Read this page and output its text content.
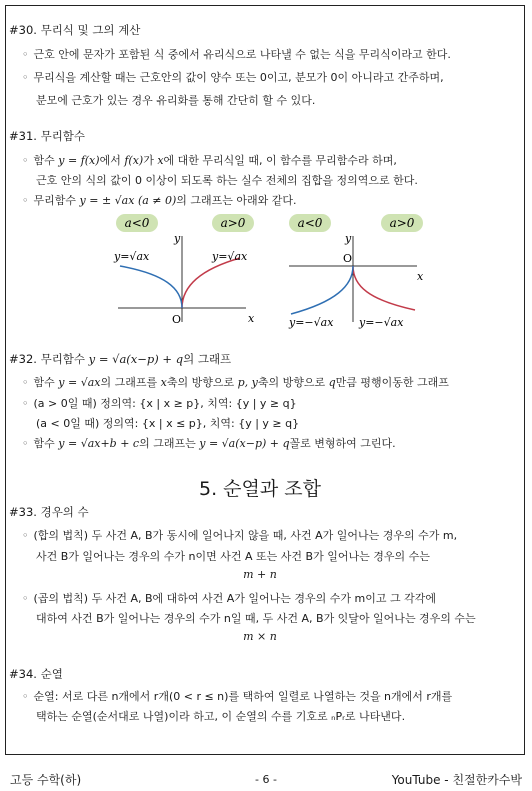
#30. 무리식 및 그의 계산
◦ 근호 안에 문자가 포함된 식 중에서 유리식으로 나타낼 수 없는 식을 무리식이라고 한다.
◦ 무리식을 계산할 때는 근호안의 값이 양수 또는 0이고, 분모가 0이 아니라고 간주하며,
분모에 근호가 있는 경우 유리화를 통해 간단히 할 수 있다.
#31. 무리함수
◦ 함수 y = f(x)에서 f(x)가 x에 대한 무리식일 때, 이 함수를 무리함수라 하며,
근호 안의 식의 값이 0 이상이 되도록 하는 실수 전체의 집합을 정의역으로 한다.
◦ 무리함수 y = ± √ax (a ≠ 0)의 그래프는 아래와 같다.
a<0	a>0
x
y
O
y=√ax	y=√ax
a<0	a>0
x
y
O
y=−√ax y=−√ax
#32. 무리함수 y = √a(x−p) + q의 그래프
◦ 함수 y = √ax의 그래프를 x축의 방향으로 p, y축의 방향으로 q만큼 평행이동한 그래프
◦ (a > 0일 때) 정의역: {x | x ≥ p}, 치역: {y | y ≥ q}
(a < 0일 때) 정의역: {x | x ≤ p}, 치역: {y | y ≥ q}
◦ 함수 y = √ax+b + c의 그래프는 y = √a(x−p) + q꼴로 변형하여 그린다.
5. 순열과 조합
#33. 경우의 수
◦ (합의 법칙) 두 사건 A, B가 동시에 일어나지 않을 때, 사건 A가 일어나는 경우의 수가 m,
사건 B가 일어나는 경우의 수가 n이면 사건 A 또는 사건 B가 일어나는 경우의 수는
m + n
◦ (곱의 법칙) 두 사건 A, B에 대하여 사건 A가 일어나는 경우의 수가 m이고 그 각각에
대하여 사건 B가 일어나는 경우의 수가 n일 때, 두 사건 A, B가 잇달아 일어나는 경우의 수는
m × n
#34. 순열
◦ 순열: 서로 다른 n개에서 r개(0 < r ≤ n)를 택하여 일렬로 나열하는 것을 n개에서 r개를
택하는 순열(순서대로 나열)이라 하고, 이 순열의 수를 기호로 ₙPᵣ로 나타낸다.
고등 수학(하)	- 6 -	YouTube - 친절한카수박
